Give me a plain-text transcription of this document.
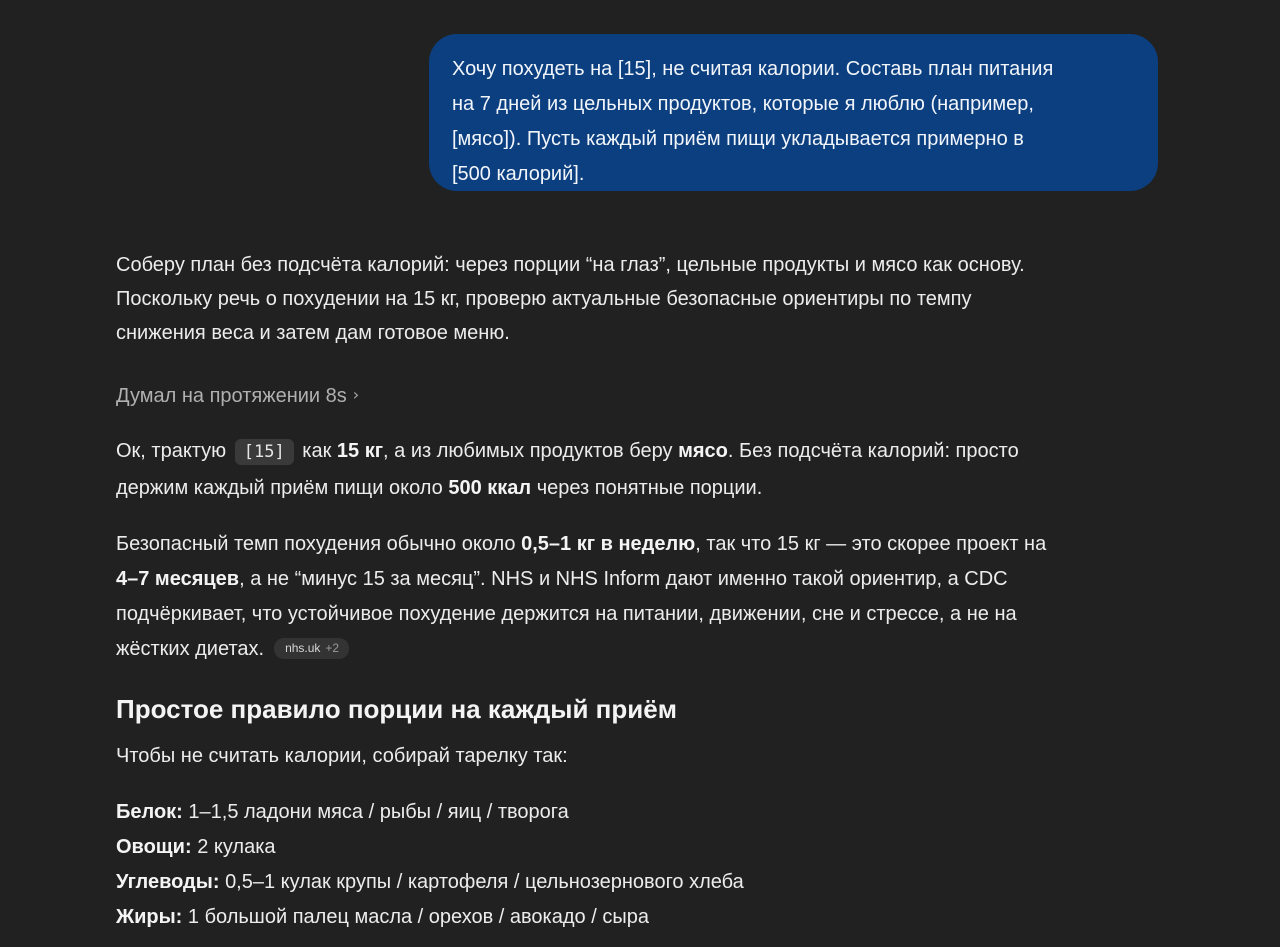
Хочу похудеть на [15], не считая калории. Составь план питания
на 7 дней из цельных продуктов, которые я люблю (например,
[мясо]). Пусть каждый приём пищи укладывается примерно в
[500 калорий].
Соберу план без подсчёта калорий: через порции “на глаз”, цельные продукты и мясо как основу.
Поскольку речь о похудении на 15 кг, проверю актуальные безопасные ориентиры по темпу
снижения веса и затем дам готовое меню.
Думал на протяжении 8s ›
Ок, трактую [15] как 15 кг, а из любимых продуктов беру мясо. Без подсчёта калорий: просто
держим каждый приём пищи около 500 ккал через понятные порции.
Безопасный темп похудения обычно около 0,5–1 кг в неделю, так что 15 кг — это скорее проект на
4–7 месяцев, а не “минус 15 за месяц”. NHS и NHS Inform дают именно такой ориентир, а CDC
подчёркивает, что устойчивое похудение держится на питании, движении, сне и стрессе, а не на
жёстких диетах. nhs.uk +2
Простое правило порции на каждый приём
Чтобы не считать калории, собирай тарелку так:
Белок: 1–1,5 ладони мяса / рыбы / яиц / творога
Овощи: 2 кулака
Углеводы: 0,5–1 кулак крупы / картофеля / цельнозернового хлеба
Жиры: 1 большой палец масла / орехов / авокадо / сыра
